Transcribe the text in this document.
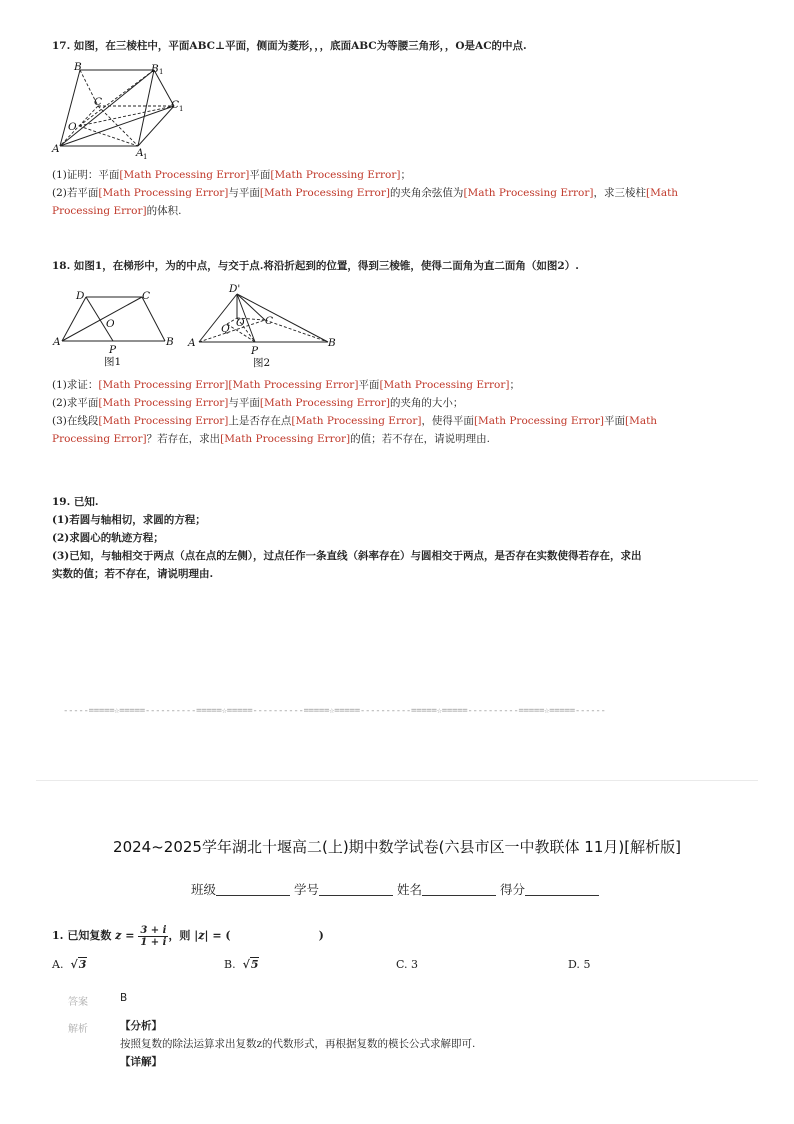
17. 如图，在三棱柱中，平面ABC⊥平面，侧面为菱形，，，底面ABC为等腰三角形，，O是AC的中点.
B	B 1
C	C 1
O
A	A 1
(1)证明：平面[Math Processing Error]平面[Math Processing Error]；
(2)若平面[Math Processing Error]与平面[Math Processing Error]的夹角余弦值为[Math Processing Error]，求三棱柱[Math
Processing Error]的体积.
18. 如图1，在梯形中，为的中点，与交于点.将沿折起到的位置，得到三棱锥，使得二面角为直二面角（如图2）.
D	C
O
A
P
B
图1
D'
Q O C
A
P
B
图2
(1)求证：[Math Processing Error][Math Processing Error]平面[Math Processing Error]；
(2)求平面[Math Processing Error]与平面[Math Processing Error]的夹角的大小；
(3)在线段[Math Processing Error]上是否存在点[Math Processing Error]，使得平面[Math Processing Error]平面[Math
Processing Error]？若存在，求出[Math Processing Error]的值；若不存在，请说明理由.
19. 已知.
(1)若圆与轴相切，求圆的方程；
(2)求圆心的轨迹方程；
(3)已知，与轴相交于两点（点在点的左侧），过点任作一条直线（斜率存在）与圆相交于两点，是否存在实数使得若存在，求出
实数的值；若不存在，请说明理由.
-----=====☆=====----------=====☆=====----------=====☆=====----------=====☆=====----------=====☆=====------
2024~2025学年湖北十堰高二(上)期中数学试卷(六县市区一中教联体 11月)[解析版]
班级	学号	姓名	得分
1. 已知复数 $z = \frac{3 + i}{1 + i}$ ，则 |z| = (	)
A. √3	B. √5	C. 3	D. 5
答案	B
解析	【分析】
按照复数的除法运算求出复数z的代数形式，再根据复数的模长公式求解即可.
【详解】
